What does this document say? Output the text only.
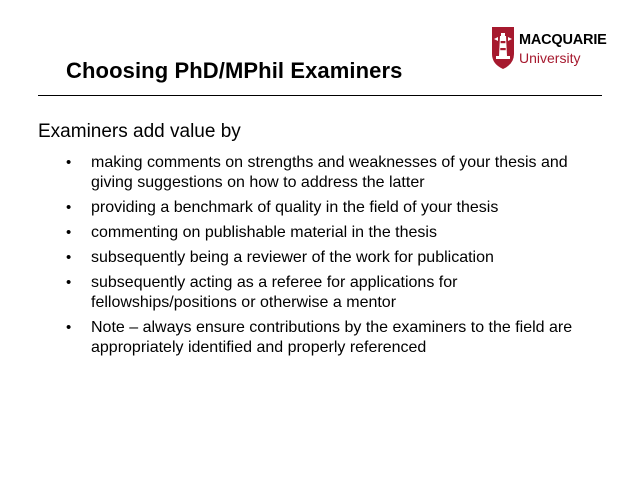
Choosing PhD/MPhil Examiners
MACQUARIE
University
Examiners add value by
• making comments on strengths and weaknesses of your thesis and giving suggestions on how to address the latter
• providing a benchmark of quality in the field of your thesis
• commenting on publishable material in the thesis
• subsequently being a reviewer of the work for publication
• subsequently acting as a referee for applications for fellowships/positions or otherwise a mentor
• Note – always ensure contributions by the examiners to the field are appropriately identified and properly referenced
